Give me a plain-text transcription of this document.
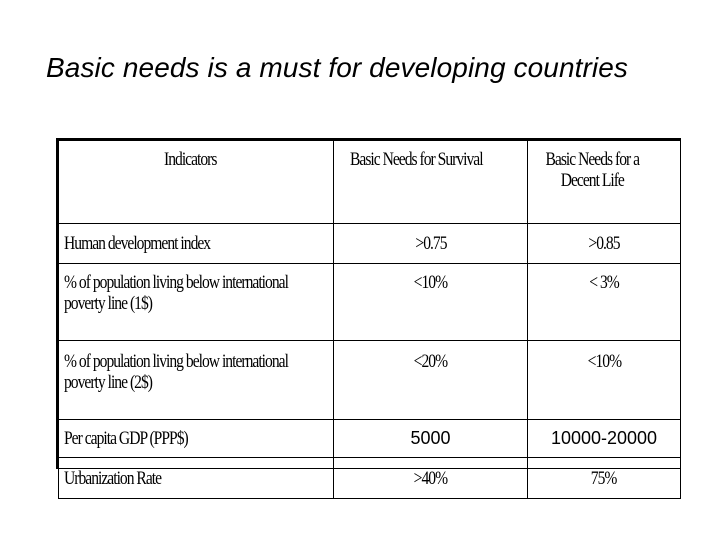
Basic needs is a must for developing countries
Indicators	Basic Needs for Survival	Basic Needs for a Decent Life
Human development index	>0.75	>0.85
% of population living below international
poverty line (1$)	<10%	< 3%
% of population living below international
poverty line (2$)	<20%	<10%
Per capita GDP (PPP$)	5000	10000-20000
Urbanization Rate	>40%	75%
